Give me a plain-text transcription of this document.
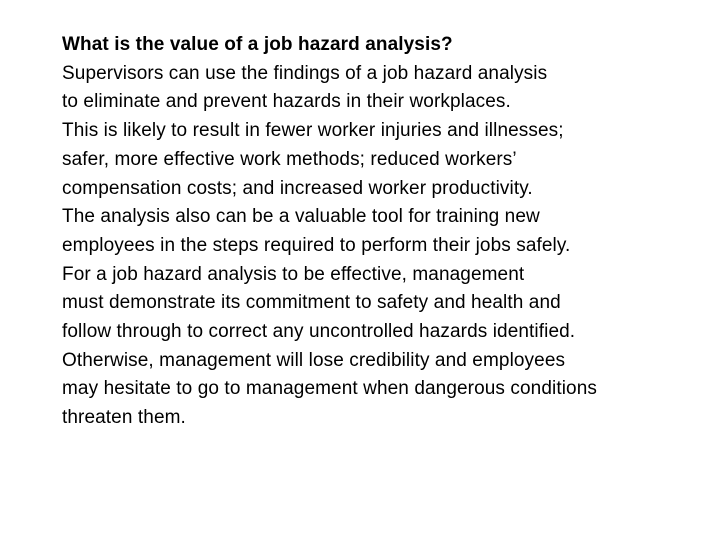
What is the value of a job hazard analysis?

Supervisors can use the findings of a job hazard analysis

to eliminate and prevent hazards in their workplaces.

This is likely to result in fewer worker injuries and illnesses;

safer, more effective work methods; reduced workers’

compensation costs; and increased worker productivity.

The analysis also can be a valuable tool for training new

employees in the steps required to perform their jobs safely.

For a job hazard analysis to be effective, management

must demonstrate its commitment to safety and health and

follow through to correct any uncontrolled hazards identified.

Otherwise, management will lose credibility and employees

may hesitate to go to management when dangerous conditions

threaten them.
